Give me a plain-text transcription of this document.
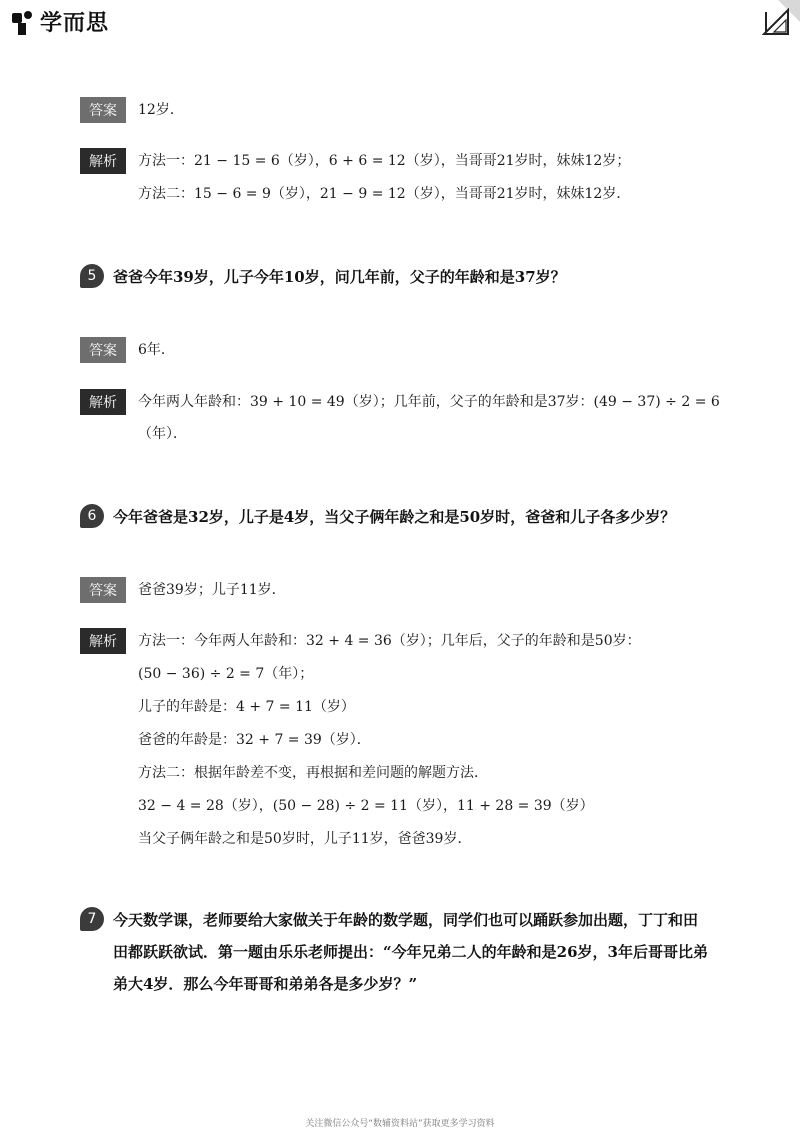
学而思
答案	12岁．
解析	方法一：21 − 15 = 6（岁），6 + 6 = 12（岁），当哥哥21岁时，妹妹12岁；
方法二：15 − 6 = 9（岁），21 − 9 = 12（岁），当哥哥21岁时，妹妹12岁．
5	爸爸今年39岁，儿子今年10岁，问几年前，父子的年龄和是37岁？
答案	6年．
解析	今年两人年龄和：39 + 10 = 49（岁）；几年前，父子的年龄和是37岁：(49 − 37) ÷ 2 = 6
（年）．
6	今年爸爸是32岁，儿子是4岁，当父子俩年龄之和是50岁时，爸爸和儿子各多少岁？
答案	爸爸39岁；儿子11岁．
解析	方法一：今年两人年龄和：32 + 4 = 36（岁）；几年后，父子的年龄和是50岁：
(50 − 36) ÷ 2 = 7（年）；
儿子的年龄是：4 + 7 = 11（岁）
爸爸的年龄是：32 + 7 = 39（岁）．
方法二：根据年龄差不变，再根据和差问题的解题方法．
32 − 4 = 28（岁），(50 − 28) ÷ 2 = 11（岁），11 + 28 = 39（岁）
当父子俩年龄之和是50岁时，儿子11岁，爸爸39岁．
7	今天数学课，老师要给大家做关于年龄的数学题，同学们也可以踊跃参加出题，丁丁和田
田都跃跃欲试．第一题由乐乐老师提出：“今年兄弟二人的年龄和是26岁，3年后哥哥比弟
弟大4岁．那么今年哥哥和弟弟各是多少岁？”
关注微信公众号“数辅资料站”获取更多学习资料
